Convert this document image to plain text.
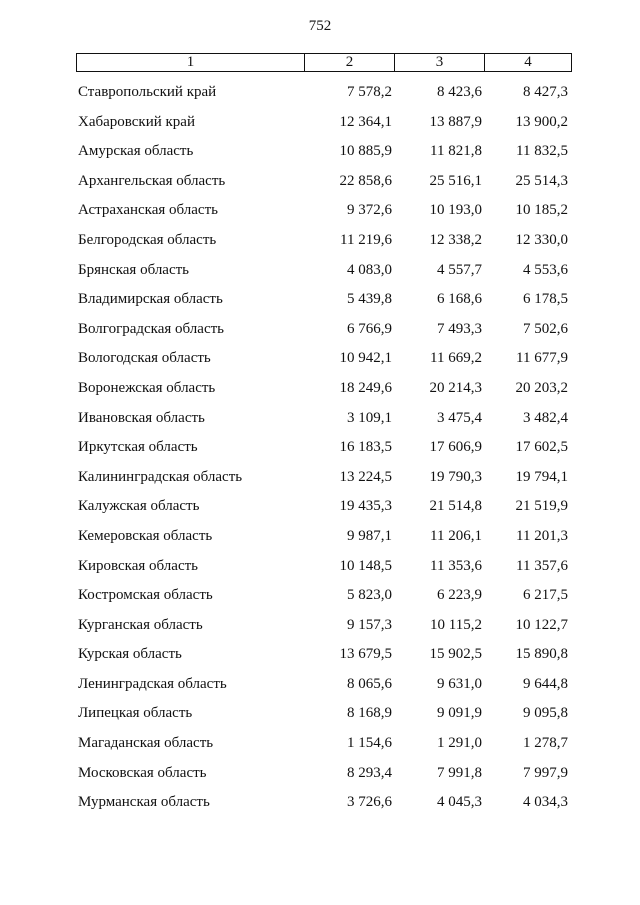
752
1	2	3	4
Ставропольский край	7 578,2	8 423,6	8 427,3
Хабаровский край	12 364,1	13 887,9	13 900,2
Амурская область	10 885,9	11 821,8	11 832,5
Архангельская область	22 858,6	25 516,1	25 514,3
Астраханская область	9 372,6	10 193,0	10 185,2
Белгородская область	11 219,6	12 338,2	12 330,0
Брянская область	4 083,0	4 557,7	4 553,6
Владимирская область	5 439,8	6 168,6	6 178,5
Волгоградская область	6 766,9	7 493,3	7 502,6
Вологодская область	10 942,1	11 669,2	11 677,9
Воронежская область	18 249,6	20 214,3	20 203,2
Ивановская область	3 109,1	3 475,4	3 482,4
Иркутская область	16 183,5	17 606,9	17 602,5
Калининградская область	13 224,5	19 790,3	19 794,1
Калужская область	19 435,3	21 514,8	21 519,9
Кемеровская область	9 987,1	11 206,1	11 201,3
Кировская область	10 148,5	11 353,6	11 357,6
Костромская область	5 823,0	6 223,9	6 217,5
Курганская область	9 157,3	10 115,2	10 122,7
Курская область	13 679,5	15 902,5	15 890,8
Ленинградская область	8 065,6	9 631,0	9 644,8
Липецкая область	8 168,9	9 091,9	9 095,8
Магаданская область	1 154,6	1 291,0	1 278,7
Московская область	8 293,4	7 991,8	7 997,9
Мурманская область	3 726,6	4 045,3	4 034,3
